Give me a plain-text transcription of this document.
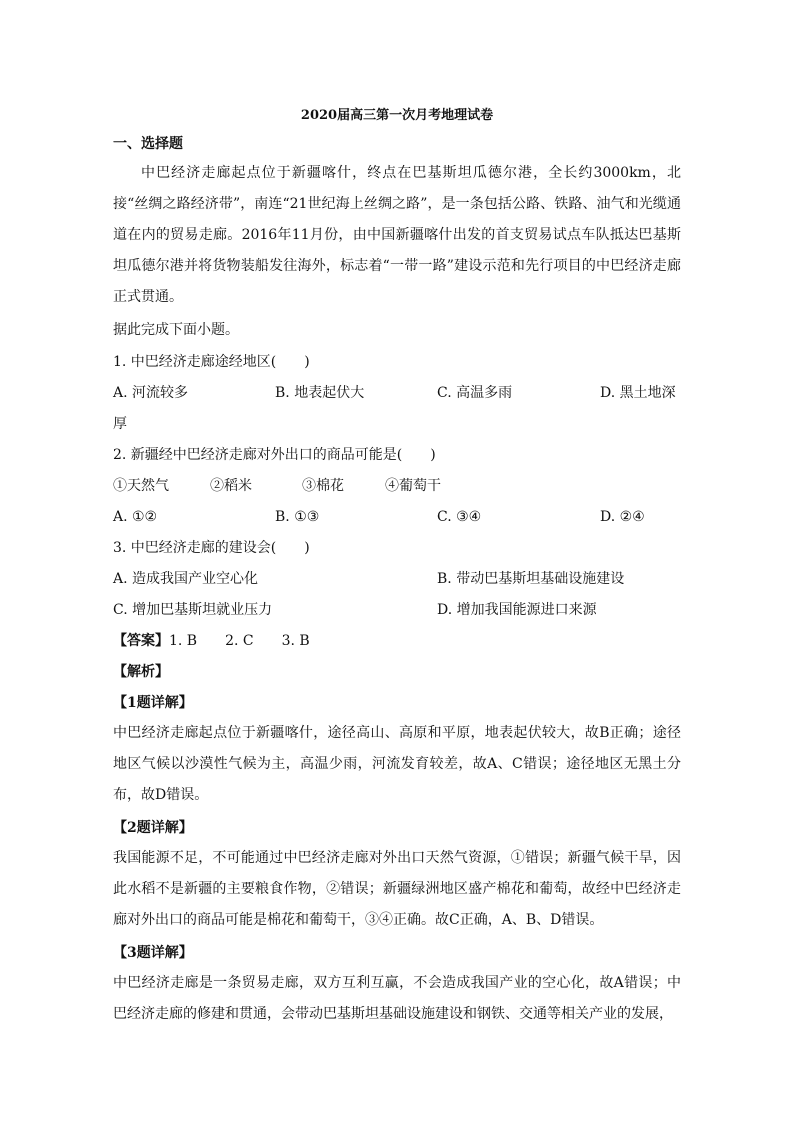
2020届高三第一次月考地理试卷
一、选择题
中巴经济走廊起点位于新疆喀什，终点在巴基斯坦瓜德尔港，全长约3000km，北接“丝绸之路经济带”，南连“21世纪海上丝绸之路”，是一条包括公路、铁路、油气和光缆通道在内的贸易走廊。2016年11月份，由中国新疆喀什出发的首支贸易试点车队抵达巴基斯坦瓜德尔港并将货物装船发往海外，标志着“一带一路”建设示范和先行项目的中巴经济走廊正式贯通。
据此完成下面小题。
1. 中巴经济走廊途经地区(　　)
A. 河流较多	B. 地表起伏大	C. 高温多雨	D. 黑土地深
厚
2. 新疆经中巴经济走廊对外出口的商品可能是(　　)
①天然气	②稻米	③棉花	④葡萄干
A. ①②	B. ①③	C. ③④	D. ②④
3. 中巴经济走廊的建设会(　　)
A. 造成我国产业空心化	B. 带动巴基斯坦基础设施建设
C. 增加巴基斯坦就业压力	D. 增加我国能源进口来源
【答案】1. B　　2. C　　3. B
【解析】
【1题详解】
中巴经济走廊起点位于新疆喀什，途径高山、高原和平原，地表起伏较大，故B正确；途径地区气候以沙漠性气候为主，高温少雨，河流发育较差，故A、C错误；途径地区无黑土分布，故D错误。
【2题详解】
我国能源不足，不可能通过中巴经济走廊对外出口天然气资源，①错误；新疆气候干旱，因此水稻不是新疆的主要粮食作物，②错误；新疆绿洲地区盛产棉花和葡萄，故经中巴经济走廊对外出口的商品可能是棉花和葡萄干，③④正确。故C正确，A、B、D错误。
【3题详解】
中巴经济走廊是一条贸易走廊，双方互利互赢，不会造成我国产业的空心化，故A错误；中巴经济走廊的修建和贯通，会带动巴基斯坦基础设施建设和钢铁、交通等相关产业的发展，
